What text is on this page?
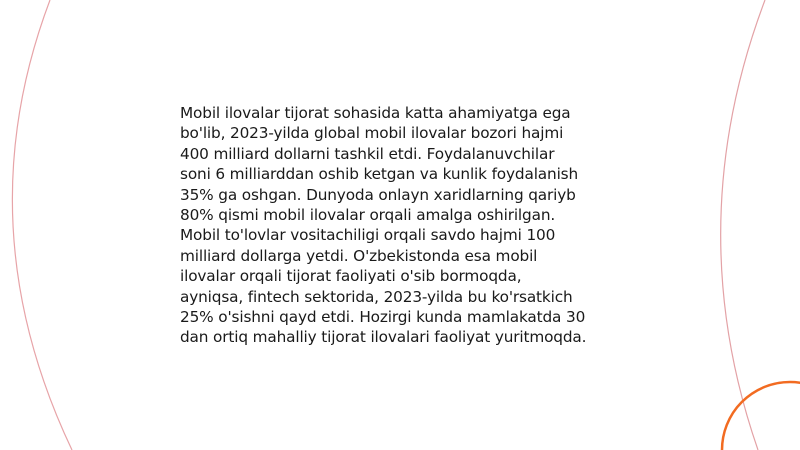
Mobil ilovalar tijorat sohasida katta ahamiyatga ega
bo'lib, 2023-yilda global mobil ilovalar bozori hajmi
400 milliard dollarni tashkil etdi. Foydalanuvchilar
soni 6 milliarddan oshib ketgan va kunlik foydalanish
35% ga oshgan. Dunyoda onlayn xaridlarning qariyb
80% qismi mobil ilovalar orqali amalga oshirilgan.
Mobil to'lovlar vositachiligi orqali savdo hajmi 100
milliard dollarga yetdi. O'zbekistonda esa mobil
ilovalar orqali tijorat faoliyati o'sib bormoqda,
ayniqsa, fintech sektorida, 2023-yilda bu ko'rsatkich
25% o'sishni qayd etdi. Hozirgi kunda mamlakatda 30
dan ortiq mahalliy tijorat ilovalari faoliyat yuritmoqda.
